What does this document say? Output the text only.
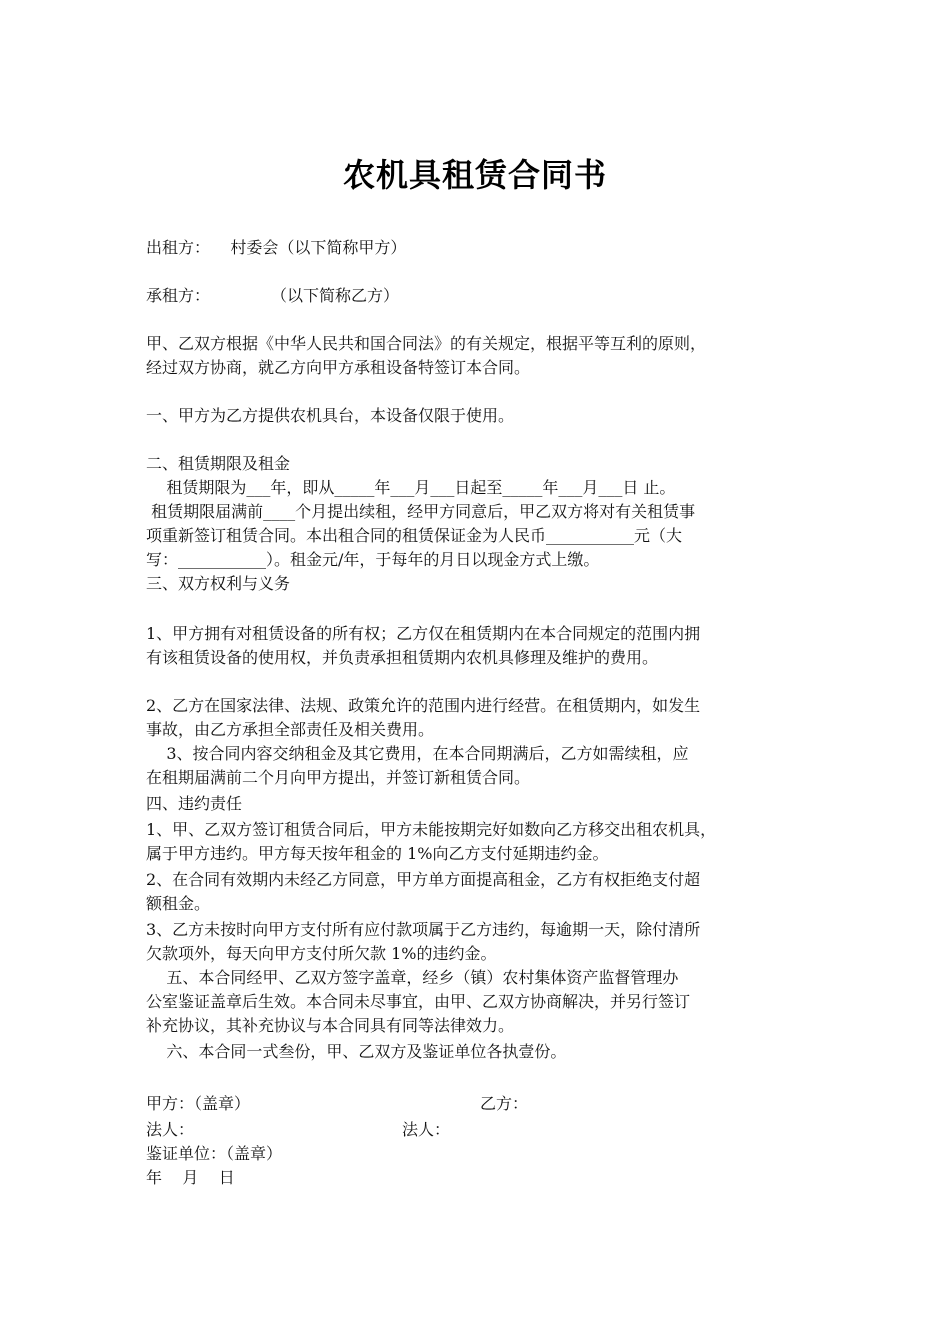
农机具租赁合同书
出租方：    村委会（以下简称甲方）
承租方：            （以下简称乙方）
甲、乙双方根据《中华人民共和国合同法》的有关规定，根据平等互利的原则，
经过双方协商，就乙方向甲方承租设备特签订本合同。
一、甲方为乙方提供农机具台，本设备仅限于使用。
二、租赁期限及租金
租赁期限为___年，即从_____年___月___日起至_____年___月___日 止。
租赁期限届满前____个月提出续租，经甲方同意后，甲乙双方将对有关租赁事
项重新签订租赁合同。本出租合同的租赁保证金为人民币___________元（大
写：___________）。租金元/年，于每年的月日以现金方式上缴。
三、双方权利与义务
1、甲方拥有对租赁设备的所有权；乙方仅在租赁期内在本合同规定的范围内拥
有该租赁设备的使用权，并负责承担租赁期内农机具修理及维护的费用。
2、乙方在国家法律、法规、政策允许的范围内进行经营。在租赁期内，如发生
事故，由乙方承担全部责任及相关费用。
3、按合同内容交纳租金及其它费用，在本合同期满后，乙方如需续租，应
在租期届满前二个月向甲方提出，并签订新租赁合同。
四、违约责任
1、甲、乙双方签订租赁合同后，甲方未能按期完好如数向乙方移交出租农机具，
属于甲方违约。甲方每天按年租金的 1%向乙方支付延期违约金。
2、在合同有效期内未经乙方同意，甲方单方面提高租金，乙方有权拒绝支付超
额租金。
3、乙方未按时向甲方支付所有应付款项属于乙方违约，每逾期一天，除付清所
欠款项外，每天向甲方支付所欠款 1%的违约金。
五、本合同经甲、乙双方签字盖章，经乡（镇）农村集体资产监督管理办
公室鉴证盖章后生效。本合同未尽事宜，由甲、乙双方协商解决，并另行签订
补充协议，其补充协议与本合同具有同等法律效力。
六、本合同一式叁份，甲、乙双方及鉴证单位各执壹份。
甲方：（盖章）	乙方：
法人：	法人：
鉴证单位：（盖章）
年    月    日
